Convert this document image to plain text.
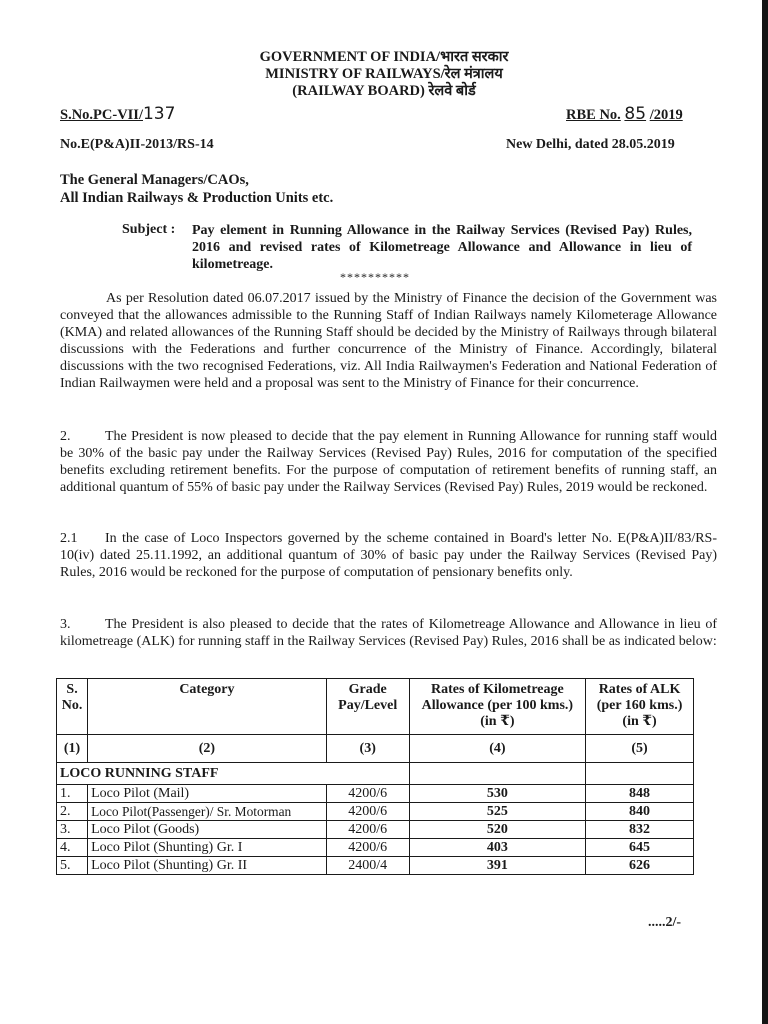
GOVERNMENT OF INDIA/भारत सरकार
MINISTRY OF RAILWAYS/रेल मंत्रालय
(RAILWAY BOARD) रेलवे बोर्ड
S.No.PC-VII/137	RBE No. 85 /2019
No.E(P&A)II-2013/RS-14	New Delhi, dated 28.05.2019
The General Managers/CAOs,
All Indian Railways & Production Units etc.
Subject : Pay element in Running Allowance in the Railway Services (Revised Pay) Rules, 2016 and revised rates of Kilometreage Allowance and Allowance in lieu of kilometreage.
**********
As per Resolution dated 06.07.2017 issued by the Ministry of Finance the decision of the Government was conveyed that the allowances admissible to the Running Staff of Indian Railways namely Kilometerage Allowance (KMA) and related allowances of the Running Staff should be decided by the Ministry of Railways through bilateral discussions with the Federations and further concurrence of the Ministry of Finance. Accordingly, bilateral discussions with the two recognised Federations, viz. All India Railwaymen's Federation and National Federation of Indian Railwaymen were held and a proposal was sent to the Ministry of Finance for their concurrence.
2. The President is now pleased to decide that the pay element in Running Allowance for running staff would be 30% of the basic pay under the Railway Services (Revised Pay) Rules, 2016 for computation of the specified benefits excluding retirement benefits. For the purpose of computation of retirement benefits of running staff, an additional quantum of 55% of basic pay under the Railway Services (Revised Pay) Rules, 2019 would be reckoned.
2.1 In the case of Loco Inspectors governed by the scheme contained in Board's letter No. E(P&A)II/83/RS-10(iv) dated 25.11.1992, an additional quantum of 30% of basic pay under the Railway Services (Revised Pay) Rules, 2016 would be reckoned for the purpose of computation of pensionary benefits only.
3. The President is also pleased to decide that the rates of Kilometreage Allowance and Allowance in lieu of kilometreage (ALK) for running staff in the Railway Services (Revised Pay) Rules, 2016 shall be as indicated below:
S. No.	Category	Grade Pay/Level	Rates of Kilometreage Allowance (per 100 kms.) (in ₹)	Rates of ALK (per 160 kms.) (in ₹)
(1)	(2)	(3)	(4)	(5)
LOCO RUNNING STAFF				
1.	Loco Pilot (Mail)	4200/6	530	848
2.	Loco Pilot(Passenger)/ Sr. Motorman	4200/6	525	840
3.	Loco Pilot (Goods)	4200/6	520	832
4.	Loco Pilot (Shunting) Gr. I	4200/6	403	645
5.	Loco Pilot (Shunting) Gr. II	2400/4	391	626
.....2/-
